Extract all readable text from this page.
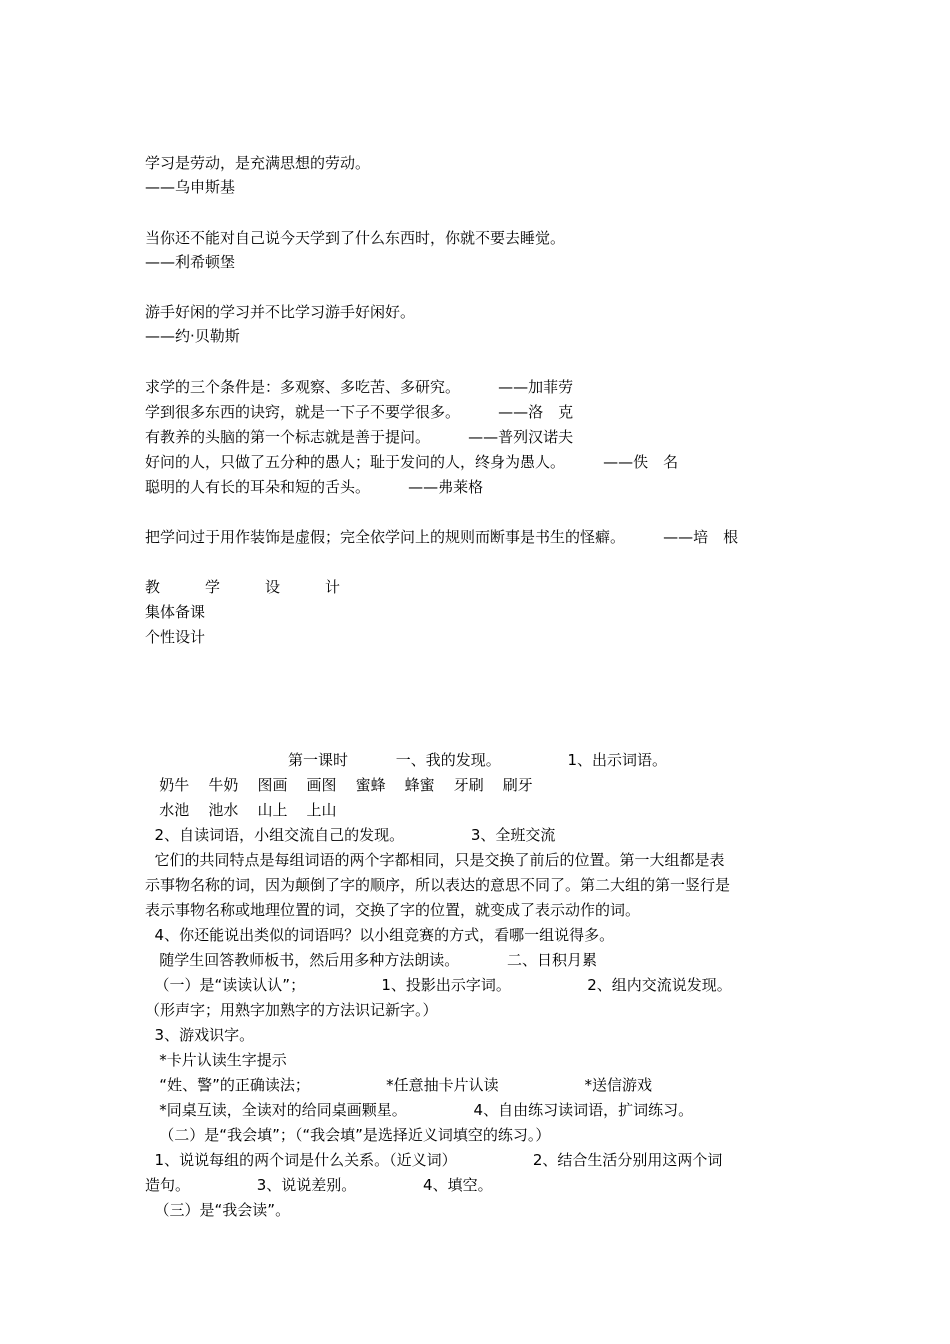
学习是劳动，是充满思想的劳动。
——乌申斯基
当你还不能对自己说今天学到了什么东西时，你就不要去睡觉。
——利希顿堡
游手好闲的学习并不比学习游手好闲好。
——约·贝勒斯
求学的三个条件是：多观察、多吃苦、多研究。        ——加菲劳
学到很多东西的诀窍，就是一下子不要学很多。        ——洛　克
有教养的头脑的第一个标志就是善于提问。        ——普列汉诺夫
好问的人，只做了五分种的愚人；耻于发问的人，终身为愚人。        ——佚　名
聪明的人有长的耳朵和短的舌头。        ——弗莱格
把学问过于用作装饰是虚假；完全依学问上的规则而断事是书生的怪癖。        ——培　根
教　　　学　　　设　　　计
集体备课
个性设计
第一课时          一、我的发现。              1、出示词语。
奶牛    牛奶    图画    画图    蜜蜂    蜂蜜    牙刷    刷牙
水池    池水    山上    上山
2、自读词语，小组交流自己的发现。              3、全班交流
它们的共同特点是每组词语的两个字都相同，只是交换了前后的位置。第一大组都是表
示事物名称的词，因为颠倒了字的顺序，所以表达的意思不同了。第二大组的第一竖行是
表示事物名称或地理位置的词，交换了字的位置，就变成了表示动作的词。
4、你还能说出类似的词语吗？以小组竞赛的方式，看哪一组说得多。
随学生回答教师板书，然后用多种方法朗读。          二、日积月累
（一）是“读读认认”；                1、投影出示字词。                2、组内交流说发现。
（形声字；用熟字加熟字的方法识记新字。）
3、游戏识字。
*卡片认读生字提示
“姓、警”的正确读法；                *任意抽卡片认读                  *送信游戏
*同桌互读，全读对的给同桌画颗星。              4、自由练习读词语，扩词练习。
（二）是“我会填”；（“我会填”是选择近义词填空的练习。）
1、说说每组的两个词是什么关系。（近义词）                2、结合生活分别用这两个词
造句。              3、说说差别。              4、填空。
（三）是“我会读”。
